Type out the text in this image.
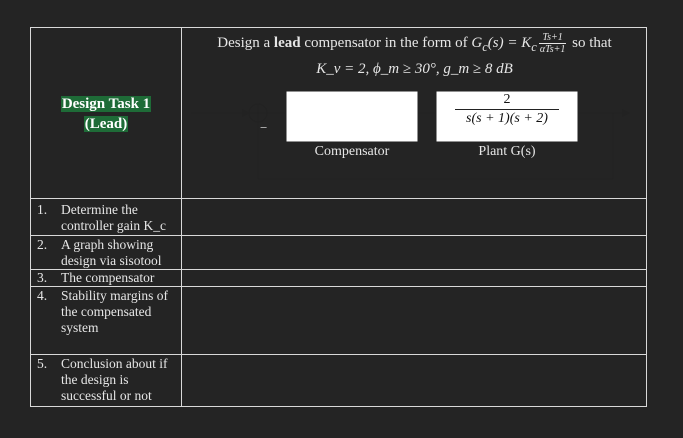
Design Task 1
(Lead)
Design a lead compensator in the form of $G_c(s) = K_c \frac{Ts+1}{\text{αTs+1}}$ so that
K_v = 2, ϕ_m ≥ 30°, g_m ≥ 8 dB
−
2
s(s + 1)(s + 2)
Compensator	Plant G(s)
1. Determine the controller gain K_c
2. A graph showing design via sisotool
3. The compensator
4. Stability margins of the compensated system
5. Conclusion about if the design is successful or not
